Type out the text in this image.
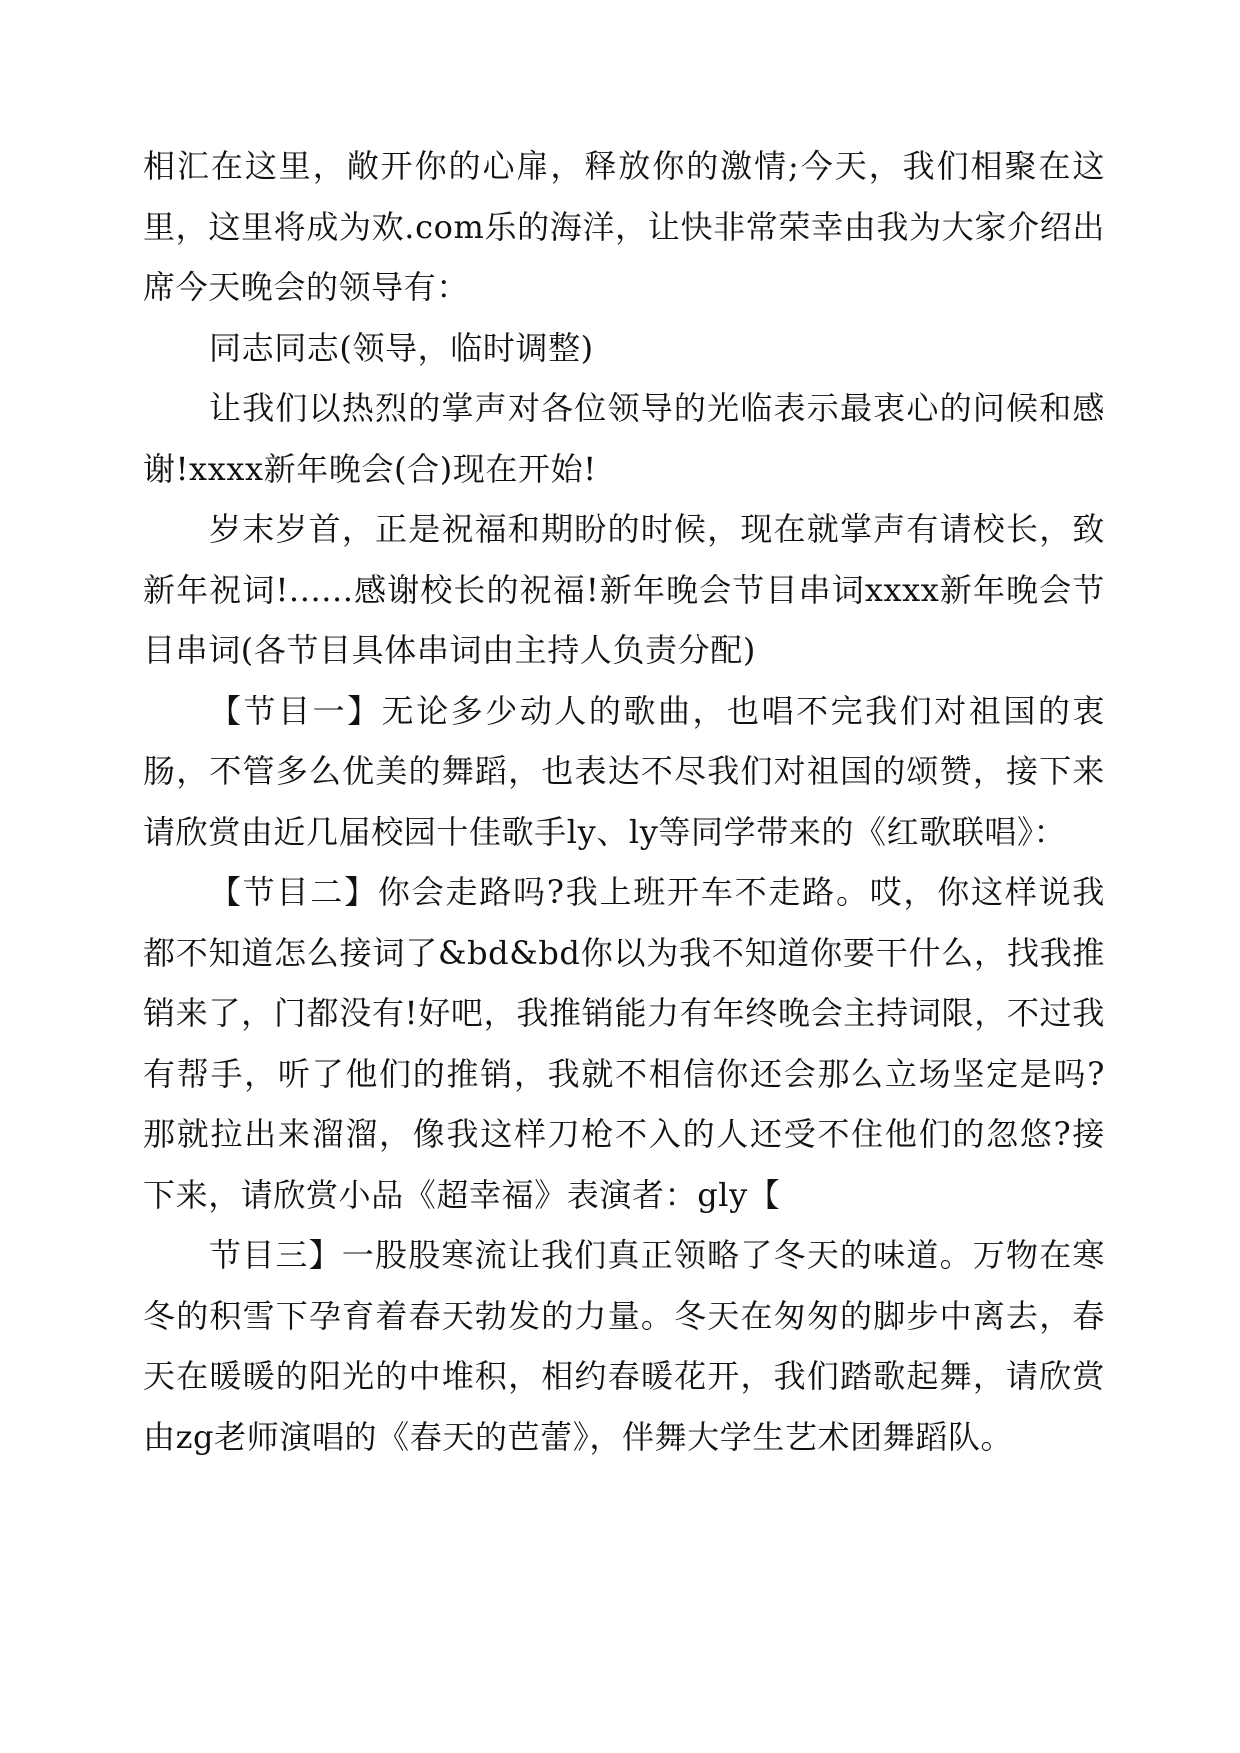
相汇在这里，敞开你的心扉，释放你的激情;今天，我们相聚在这里，这里将成为欢.com乐的海洋，让快非常荣幸由我为大家介绍出席今天晚会的领导有：

同志同志(领导，临时调整)

让我们以热烈的掌声对各位领导的光临表示最衷心的问候和感谢!xxxx新年晚会(合)现在开始!

岁末岁首，正是祝福和期盼的时候，现在就掌声有请校长，致新年祝词!......感谢校长的祝福!新年晚会节目串词xxxx新年晚会节目串词(各节目具体串词由主持人负责分配)

【节目一】无论多少动人的歌曲，也唱不完我们对祖国的衷肠，不管多么优美的舞蹈，也表达不尽我们对祖国的颂赞，接下来请欣赏由近几届校园十佳歌手ly、ly等同学带来的《红歌联唱》：

【节目二】你会走路吗?我上班开车不走路。哎，你这样说我都不知道怎么接词了&bd&bd你以为我不知道你要干什么，找我推销来了，门都没有!好吧，我推销能力有年终晚会主持词限，不过我有帮手，听了他们的推销，我就不相信你还会那么立场坚定是吗?那就拉出来溜溜，像我这样刀枪不入的人还受不住他们的忽悠?接下来，请欣赏小品《超幸福》表演者：gly【

节目三】一股股寒流让我们真正领略了冬天的味道。万物在寒冬的积雪下孕育着春天勃发的力量。冬天在匆匆的脚步中离去，春天在暖暖的阳光的中堆积，相约春暖花开，我们踏歌起舞，请欣赏由zg老师演唱的《春天的芭蕾》，伴舞大学生艺术团舞蹈队。
